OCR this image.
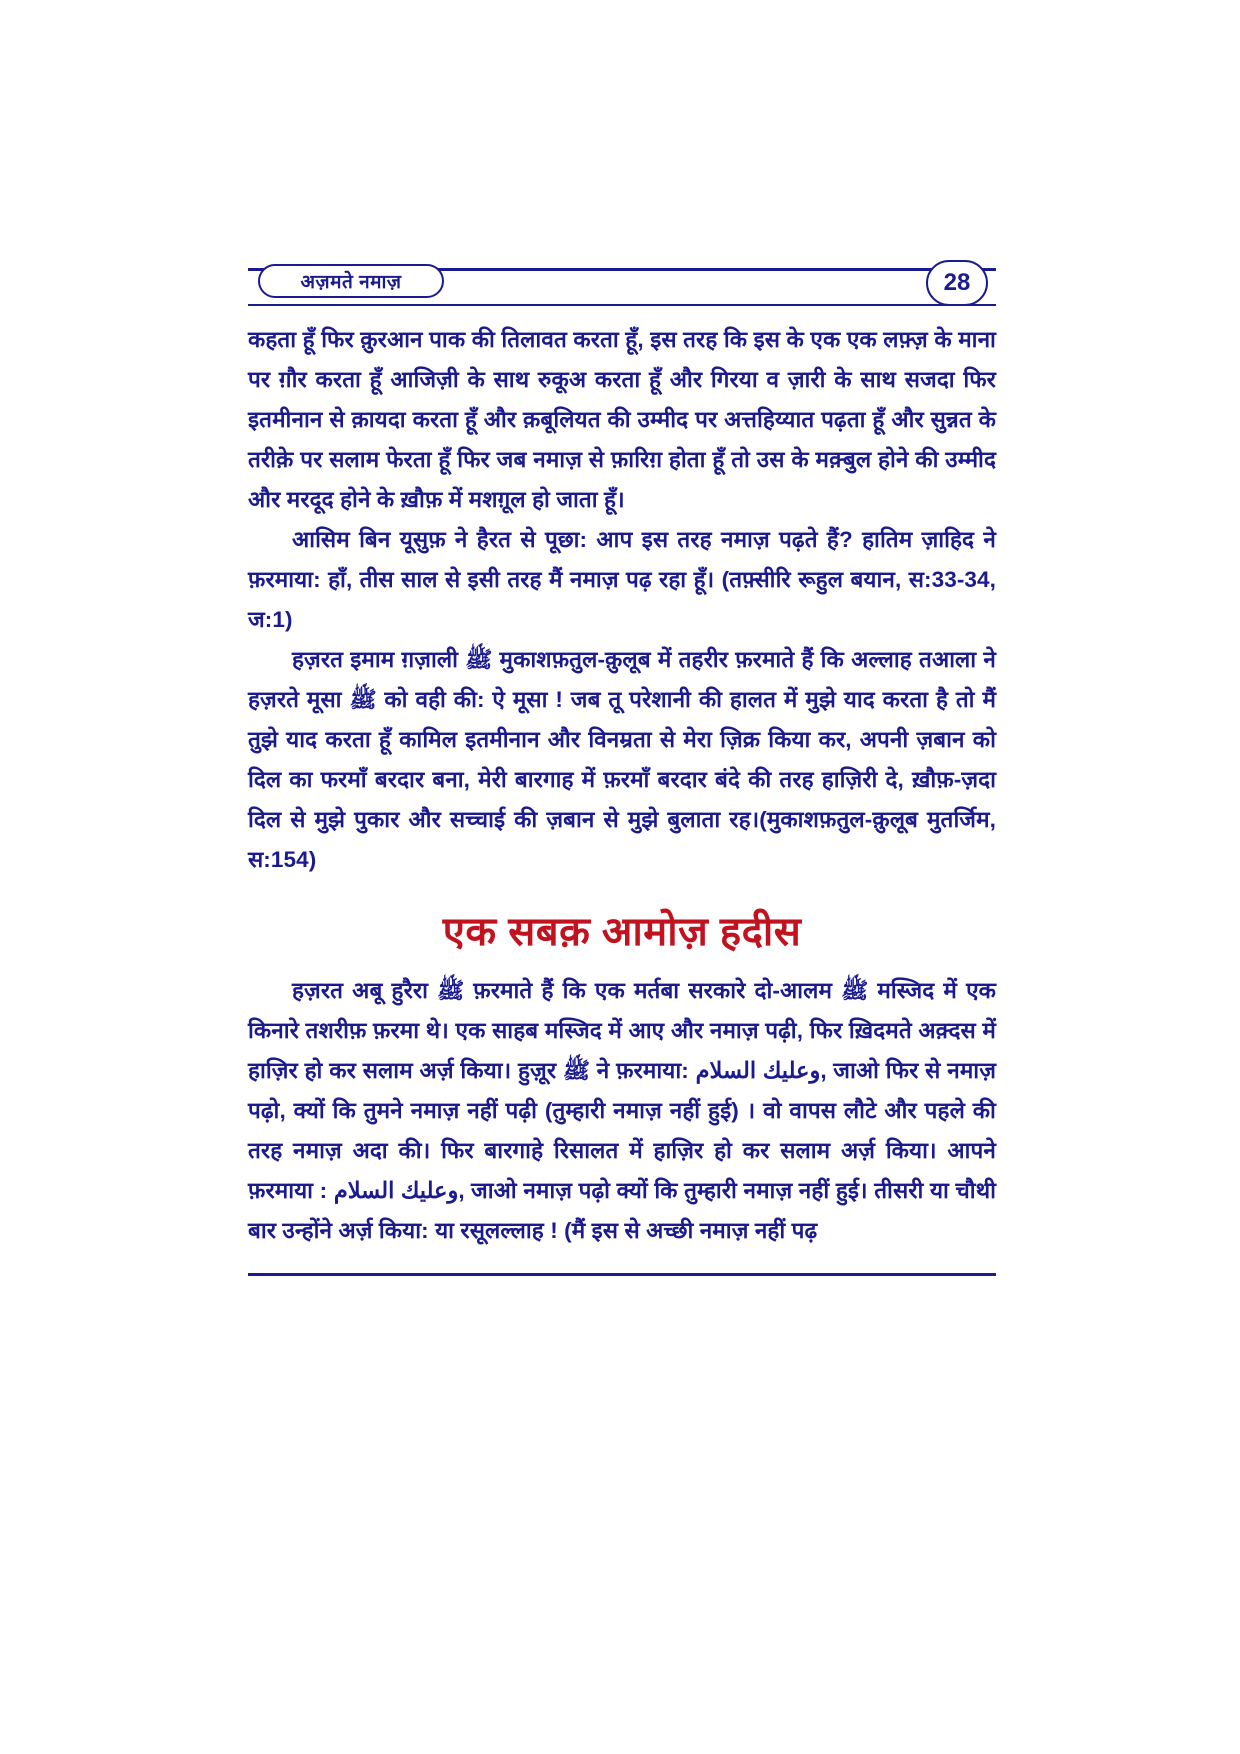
अज़मते नमाज़	28

कहता हूँ फिर क़ुरआन पाक की तिलावत करता हूँ, इस तरह कि इस के एक एक लफ़्ज़ के माना पर ग़ौर करता हूँ आजिज़ी के साथ रुकूअ करता हूँ और गिरया व ज़ारी के साथ सजदा फिर इतमीनान से क़ायदा करता हूँ और क़बूलियत की उम्मीद पर अत्तहिय्यात पढ़ता हूँ और सुन्नत के तरीक़े पर सलाम फेरता हूँ फिर जब नमाज़ से फ़ारिग़ होता हूँ तो उस के मक़्बुल होने की उम्मीद और मरदूद होने के ख़ौफ़ में मशग़ूल हो जाता हूँ।

आसिम बिन यूसुफ़ ने हैरत से पूछा: आप इस तरह नमाज़ पढ़ते हैं? हातिम ज़ाहिद ने फ़रमाया: हाँ, तीस साल से इसी तरह मैं नमाज़ पढ़ रहा हूँ। (तफ़्सीरि रूहुल बयान, स:33-34, ज:1)

हज़रत इमाम ग़ज़ाली ﷺ मुकाशफ़तुल-क़ुलूब में तहरीर फ़रमाते हैं कि अल्लाह तआला ने हज़रते मूसा ﷺ को वही की: ऐ मूसा ! जब तू परेशानी की हालत में मुझे याद करता है तो मैं तुझे याद करता हूँ कामिल इतमीनान और विनम्रता से मेरा ज़िक्र किया कर, अपनी ज़बान को दिल का फरमाँ बरदार बना, मेरी बारगाह में फ़रमाँ बरदार बंदे की तरह हाज़िरी दे, ख़ौफ़-ज़दा दिल से मुझे पुकार और सच्चाई की ज़बान से मुझे बुलाता रह।(मुकाशफ़तुल-क़ुलूब मुतर्जिम, स:154)

एक सबक़ आमोज़ हदीस

हज़रत अबू हुरैरा ﷺ फ़रमाते हैं कि एक मर्तबा सरकारे दो-आलम ﷺ मस्जिद में एक किनारे तशरीफ़ फ़रमा थे। एक साहब मस्जिद में आए और नमाज़ पढ़ी, फिर ख़िदमते अक़्दस में हाज़िर हो कर सलाम अर्ज़ किया। हुज़ूर ﷺ ने फ़रमाया: وعليك السلام, जाओ फिर से नमाज़ पढ़ो, क्यों कि तुमने नमाज़ नहीं पढ़ी (तुम्हारी नमाज़ नहीं हुई) । वो वापस लौटे और पहले की तरह नमाज़ अदा की। फिर बारगाहे रिसालत में हाज़िर हो कर सलाम अर्ज़ किया। आपने फ़रमाया : وعليك السلام, जाओ नमाज़ पढ़ो क्यों कि तुम्हारी नमाज़ नहीं हुई। तीसरी या चौथी बार उन्होंने अर्ज़ किया: या रसूलल्लाह ! (मैं इस से अच्छी नमाज़ नहीं पढ़
